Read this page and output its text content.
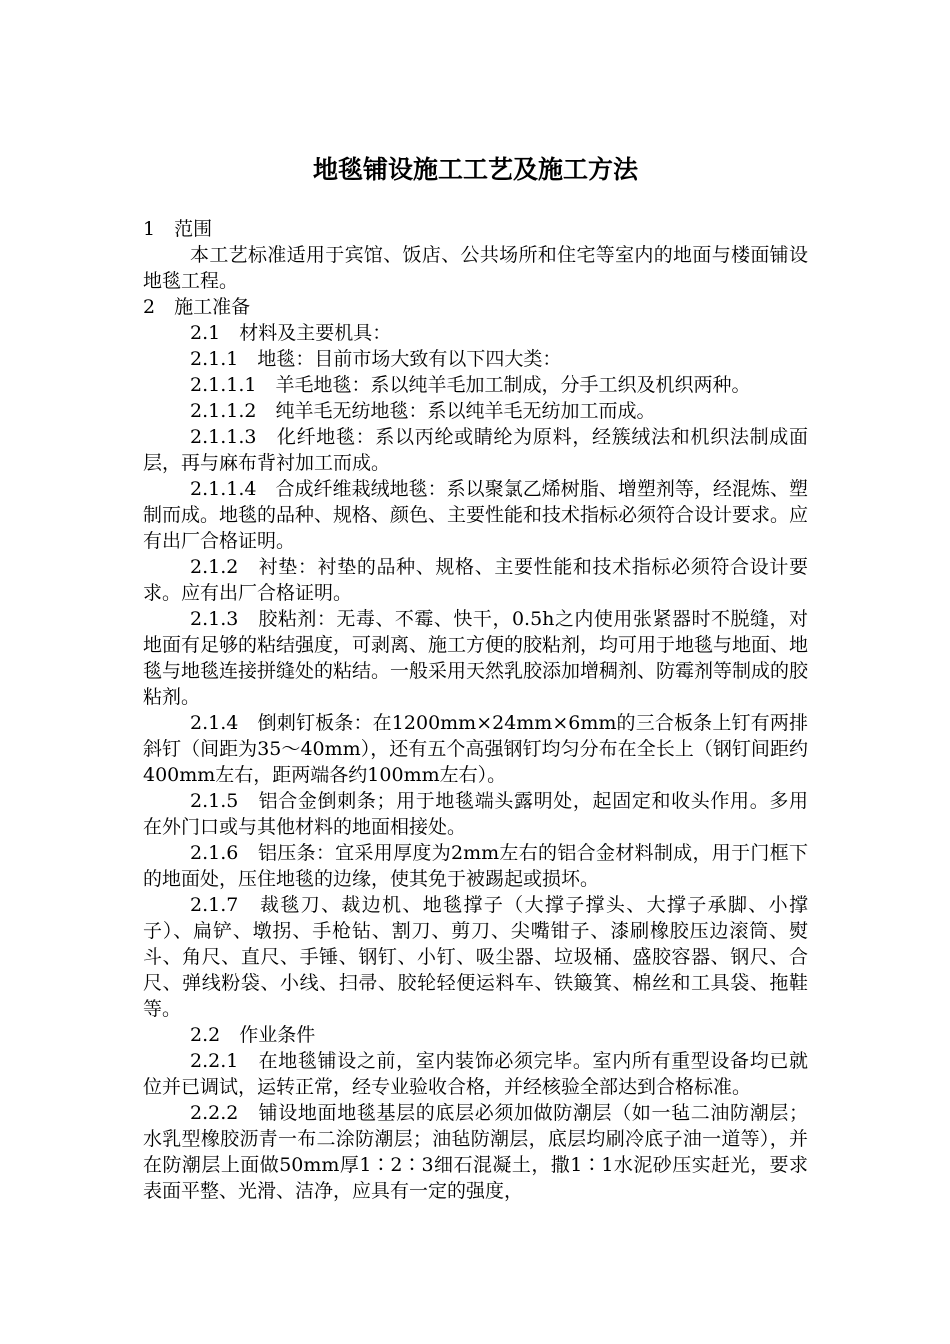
地毯铺设施工工艺及施工方法

1　范围

本工艺标准适用于宾馆、饭店、公共场所和住宅等室内的地面与楼面铺设地毯工程。

2　施工准备

2.1　材料及主要机具：

2.1.1　地毯：目前市场大致有以下四大类：

2.1.1.1　羊毛地毯：系以纯羊毛加工制成，分手工织及机织两种。

2.1.1.2　纯羊毛无纺地毯：系以纯羊毛无纺加工而成。

2.1.1.3　化纤地毯：系以丙纶或睛纶为原料，经簇绒法和机织法制成面层，再与麻布背衬加工而成。

2.1.1.4　合成纤维栽绒地毯：系以聚氯乙烯树脂、增塑剂等，经混炼、塑制而成。地毯的品种、规格、颜色、主要性能和技术指标必须符合设计要求。应有出厂合格证明。

2.1.2　衬垫：衬垫的品种、规格、主要性能和技术指标必须符合设计要求。应有出厂合格证明。

2.1.3　胶粘剂：无毒、不霉、快干，0.5h之内使用张紧器时不脱缝，对地面有足够的粘结强度，可剥离、施工方便的胶粘剂，均可用于地毯与地面、地毯与地毯连接拼缝处的粘结。一般采用天然乳胶添加增稠剂、防霉剂等制成的胶粘剂。

2.1.4　倒刺钉板条：在1200mm×24mm×6mm的三合板条上钉有两排斜钉（间距为35～40mm），还有五个高强钢钉均匀分布在全长上（钢钉间距约400mm左右，距两端各约100mm左右）。

2.1.5　铝合金倒刺条；用于地毯端头露明处，起固定和收头作用。多用在外门口或与其他材料的地面相接处。

2.1.6　铝压条：宜采用厚度为2mm左右的铝合金材料制成，用于门框下的地面处，压住地毯的边缘，使其免于被踢起或损坏。

2.1.7　裁毯刀、裁边机、地毯撑子（大撑子撑头、大撑子承脚、小撑子）、扁铲、墩拐、手枪钻、割刀、剪刀、尖嘴钳子、漆刷橡胶压边滚筒、熨斗、角尺、直尺、手锤、钢钉、小钉、吸尘器、垃圾桶、盛胶容器、钢尺、合尺、弹线粉袋、小线、扫帚、胶轮轻便运料车、铁簸箕、棉丝和工具袋、拖鞋等。

2.2　作业条件

2.2.1　在地毯铺设之前，室内装饰必须完毕。室内所有重型设备均已就位并已调试，运转正常，经专业验收合格，并经核验全部达到合格标准。

2.2.2　铺设地面地毯基层的底层必须加做防潮层（如一毡二油防潮层；水乳型橡胶沥青一布二涂防潮层；油毡防潮层，底层均刷冷底子油一道等），并在防潮层上面做50mm厚1∶2∶3细石混凝土，撒1∶1水泥砂压实赶光，要求表面平整、光滑、洁净，应具有一定的强度，
